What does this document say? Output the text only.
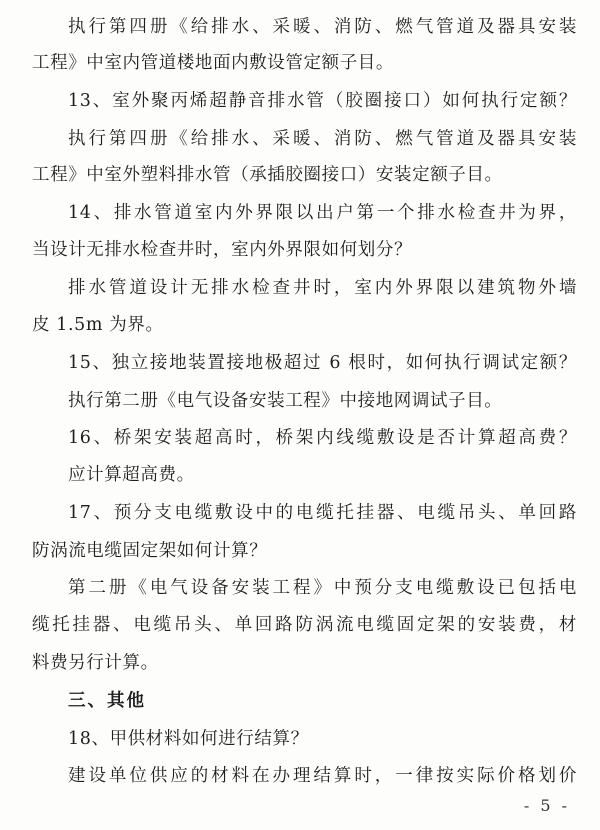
执行第四册《给排水、采暖、消防、燃气管道及器具安装
工程》中室内管道楼地面内敷设管定额子目。
13、室外聚丙烯超静音排水管（胶圈接口）如何执行定额？
执行第四册《给排水、采暖、消防、燃气管道及器具安装
工程》中室外塑料排水管（承插胶圈接口）安装定额子目。
14、排水管道室内外界限以出户第一个排水检查井为界，
当设计无排水检查井时，室内外界限如何划分？
排水管道设计无排水检查井时，室内外界限以建筑物外墙
皮 1.5m 为界。
15、独立接地装置接地极超过 6 根时，如何执行调试定额？
执行第二册《电气设备安装工程》中接地网调试子目。
16、桥架安装超高时，桥架内线缆敷设是否计算超高费？
应计算超高费。
17、预分支电缆敷设中的电缆托挂器、电缆吊头、单回路
防涡流电缆固定架如何计算？
第二册《电气设备安装工程》中预分支电缆敷设已包括电
缆托挂器、电缆吊头、单回路防涡流电缆固定架的安装费，材
料费另行计算。
三、其他
18、甲供材料如何进行结算？
建设单位供应的材料在办理结算时，一律按实际价格划价
- 5 -
